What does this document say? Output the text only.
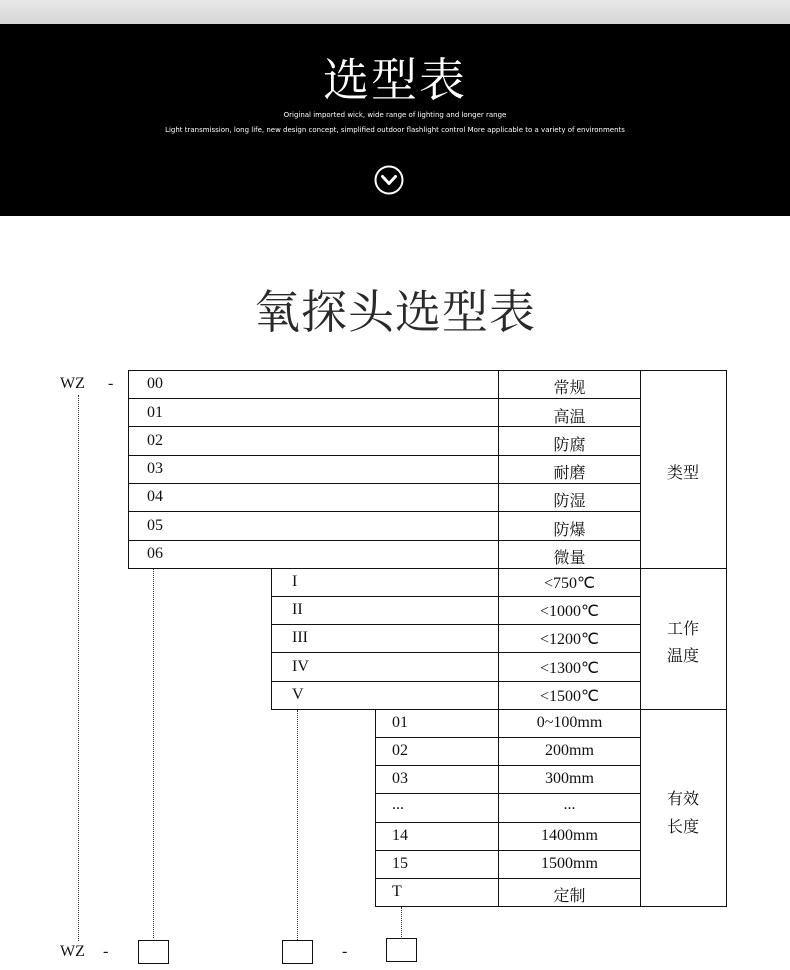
选型表
Original imported wick, wide range of lighting and longer range
Light transmission, long life, new design concept, simplified outdoor flashlight control More applicable to a variety of environments
氧探头选型表
WZ - 00
01
02
03
04
05
06
常规
高温
防腐
耐磨
防湿
防爆
微量
类型
I
II
III
IV
V
<750℃
<1000℃
<1200℃
<1300℃
<1500℃
工作
温度
01
02
03
...
14
15
T
0~100mm
200mm
300mm
...
1400mm
1500mm
定制
有效
长度
WZ -	-
